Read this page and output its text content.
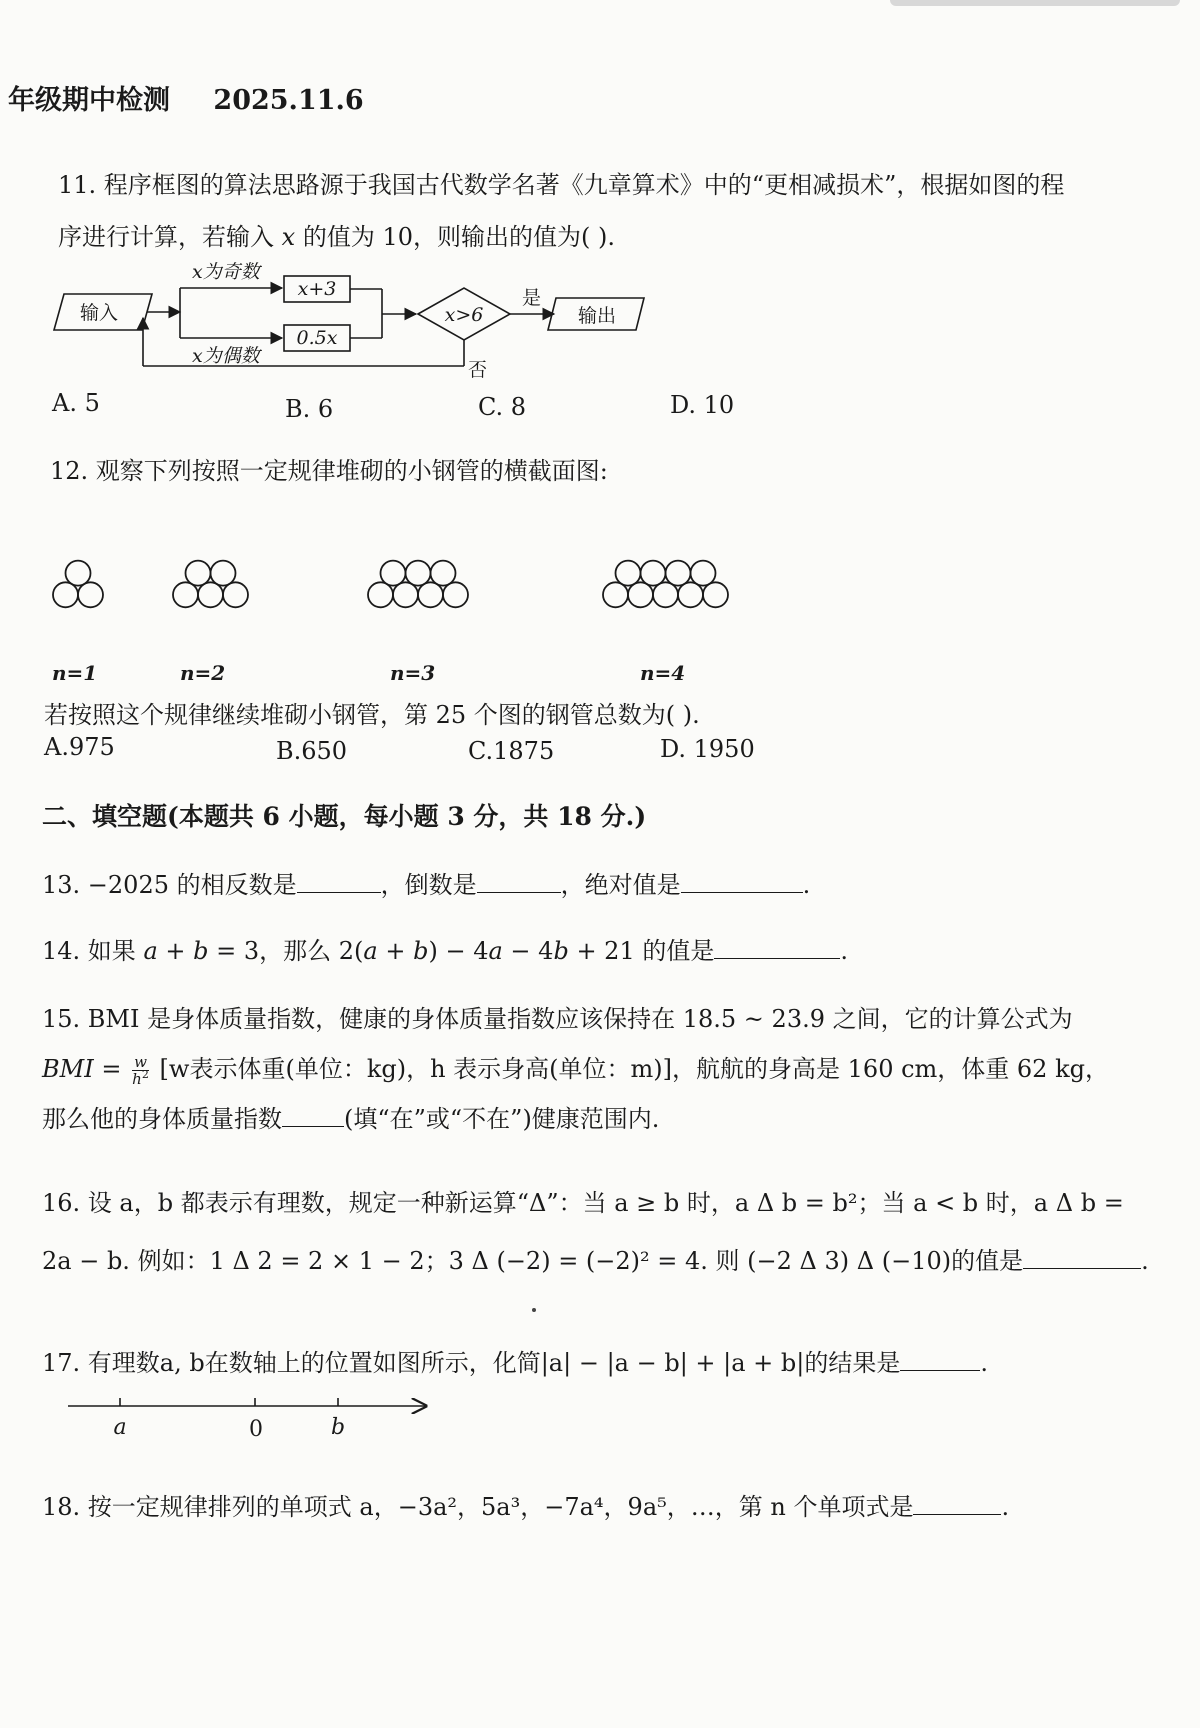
年级期中检测 2025.11.6
11. 程序框图的算法思路源于我国古代数学名著《九章算术》中的“更相减损术”，根据如图的程
序进行计算，若输入 x 的值为 10，则输出的值为( ).
输入
x为奇数
x为偶数
x+3
0.5x
x>6
是
否
输出
A. 5	B. 6	C. 8	D. 10
12. 观察下列按照一定规律堆砌的小钢管的横截面图:
n=1	n=2	n=3	n=4
若按照这个规律继续堆砌小钢管，第 25 个图的钢管总数为( ).
A.975	B.650	C.1875	D. 1950
二、填空题(本题共 6 小题，每小题 3 分，共 18 分.)
13. −2025 的相反数是	，倒数是	，绝对值是	.
14. 如果 a + b = 3，那么 2(a + b) − 4a − 4b + 21 的值是	.
15. BMI 是身体质量指数，健康的身体质量指数应该保持在 18.5 ~ 23.9 之间，它的计算公式为
BMI = $\frac{w}{h^2} [w$表示体重(单位：kg)，h 表示身高(单位：m)]，航航的身高是 160 cm，体重 62 kg，
那么他的身体质量指数	(填“在”或“不在”)健康范围内.
16. 设 a，b 都表示有理数，规定一种新运算“Δ”：当 a ≥ b 时，a Δ b = b²；当 a < b 时，a Δ b =
2a − b. 例如：1 Δ 2 = 2 × 1 − 2；3 Δ (−2) = (−2)² = 4. 则 (−2 Δ 3) Δ (−10)的值是	.
17. 有理数a, b在数轴上的位置如图所示，化简|a| − |a − b| + |a + b|的结果是	.
a	0	b
18. 按一定规律排列的单项式 a，−3a²，5a³，−7a⁴，9a⁵，…，第 n 个单项式是	.
